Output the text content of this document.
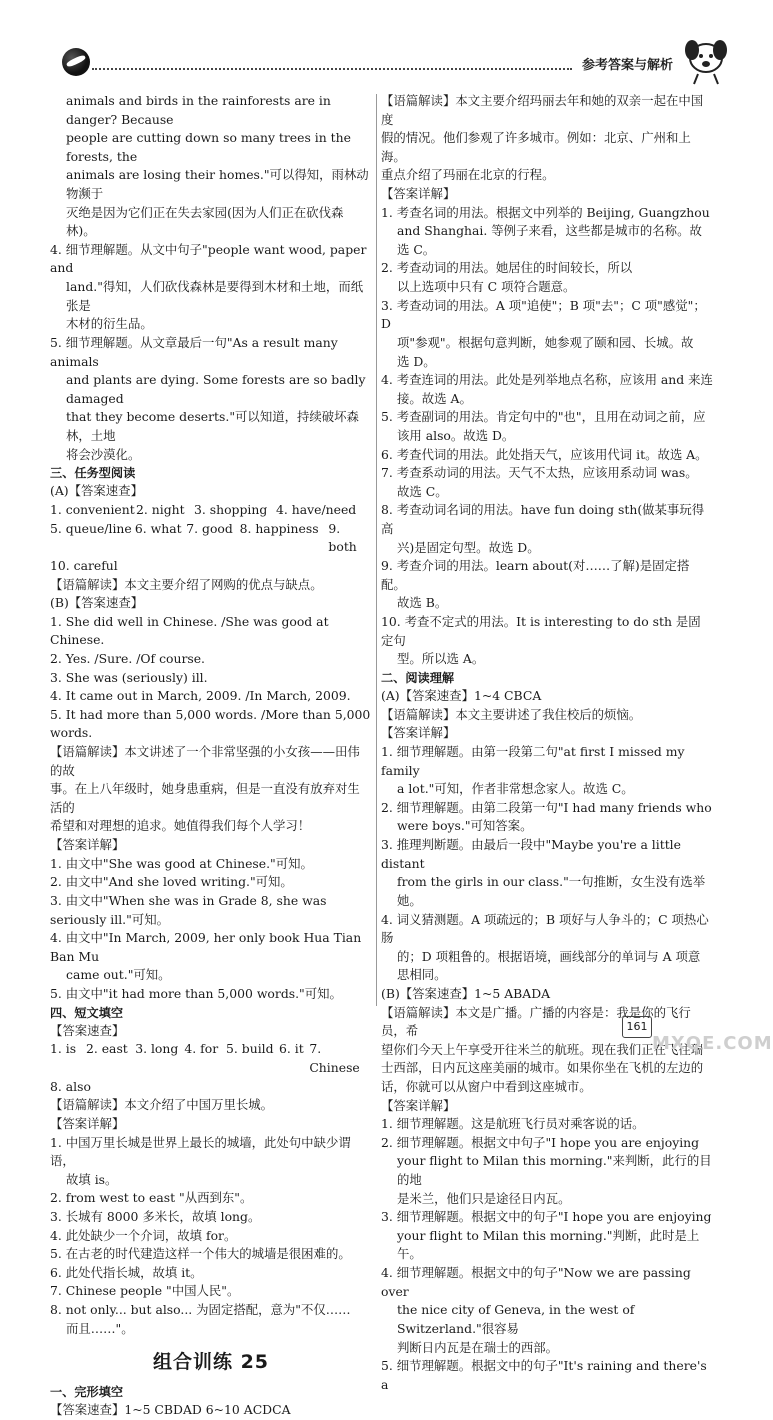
参考答案与解析

animals and birds in the rainforests are in danger? Because

people are cutting down so many trees in the forests, the

animals are losing their homes."可以得知，雨林动物濒于

灭绝是因为它们正在失去家园(因为人们正在砍伐森林)。

4. 细节理解题。从文中句子"people want wood, paper and

land."得知，人们砍伐森林是要得到木材和土地，而纸张是

木材的衍生品。

5. 细节理解题。从文章最后一句"As a result many animals

and plants are dying. Some forests are so badly damaged

that they become deserts."可以知道，持续破坏森林，土地

将会沙漠化。

三、任务型阅读

(A)【答案速查】

1. convenient 2. night 3. shopping 4. have/need
5. queue/line 6. what 7. good 8. happiness 9. both

10. careful

【语篇解读】本文主要介绍了网购的优点与缺点。

(B)【答案速查】

1. She did well in Chinese. /She was good at Chinese.

2. Yes. /Sure. /Of course.

3. She was (seriously) ill.

4. It came out in March, 2009. /In March, 2009.

5. It had more than 5,000 words. /More than 5,000 words.

【语篇解读】本文讲述了一个非常坚强的小女孩——田伟的故

事。在上八年级时，她身患重病，但是一直没有放弃对生活的

希望和对理想的追求。她值得我们每个人学习！

【答案详解】

1. 由文中"She was good at Chinese."可知。

2. 由文中"And she loved writing."可知。

3. 由文中"When she was in Grade 8, she was seriously ill."可知。

4. 由文中"In March, 2009, her only book Hua Tian Ban Mu

came out."可知。

5. 由文中"it had more than 5,000 words."可知。

四、短文填空

【答案速查】

1. is 2. east 3. long 4. for 5. build 6. it 7. Chinese

8. also

【语篇解读】本文介绍了中国万里长城。

【答案详解】

1. 中国万里长城是世界上最长的城墙，此处句中缺少谓语，

故填 is。

2. from west to east "从西到东"。

3. 长城有 8000 多米长，故填 long。

4. 此处缺少一个介词，故填 for。

5. 在古老的时代建造这样一个伟大的城墙是很困难的。

6. 此处代指长城，故填 it。

7. Chinese people "中国人民"。

8. not only... but also... 为固定搭配，意为"不仅……

而且……"。

组合训练 25

一、完形填空

【答案速查】1~5 CBDAD 6~10 ACDCA

【语篇解读】本文主要介绍玛丽去年和她的双亲一起在中国度

假的情况。他们参观了许多城市。例如：北京、广州和上海。

重点介绍了玛丽在北京的行程。

【答案详解】

1. 考查名词的用法。根据文中列举的 Beijing, Guangzhou

and Shanghai. 等例子来看，这些都是城市的名称。故选 C。

2. 考查动词的用法。她居住的时间较长，所以

以上选项中只有 C 项符合题意。

3. 考查动词的用法。A 项"追使"；B 项"去"；C 项"感觉"；D

项"参观"。根据句意判断，她参观了颐和园、长城。故

选 D。

4. 考查连词的用法。此处是列举地点名称，应该用 and 来连

接。故选 A。

5. 考查副词的用法。肯定句中的"也"，且用在动词之前，应

该用 also。故选 D。

6. 考查代词的用法。此处指天气，应该用代词 it。故选 A。

7. 考查系动词的用法。天气不太热，应该用系动词 was。

故选 C。

8. 考查动词名词的用法。have fun doing sth(做某事玩得高

兴)是固定句型。故选 D。

9. 考查介词的用法。learn about(对……了解)是固定搭配。

故选 B。

10. 考查不定式的用法。It is interesting to do sth 是固定句

型。所以选 A。

二、阅读理解

(A)【答案速查】1~4 CBCA

【语篇解读】本文主要讲述了我住校后的烦恼。

【答案详解】

1. 细节理解题。由第一段第二句"at first I missed my family

a lot."可知，作者非常想念家人。故选 C。

2. 细节理解题。由第二段第一句"I had many friends who

were boys."可知答案。

3. 推理判断题。由最后一段中"Maybe you're a little distant

from the girls in our class."一句推断，女生没有选举她。

4. 词义猜测题。A 项疏远的；B 项好与人争斗的；C 项热心肠

的；D 项粗鲁的。根据语境，画线部分的单词与 A 项意

思相同。

(B)【答案速查】1~5 ABADA

【语篇解读】本文是广播。广播的内容是：我是你的飞行员，希

望你们今天上午享受开往米兰的航班。现在我们正在飞往瑞

士西部，日内瓦这座美丽的城市。如果你坐在飞机的左边的

话，你就可以从窗户中看到这座城市。

【答案详解】

1. 细节理解题。这是航班飞行员对乘客说的话。

2. 细节理解题。根据文中句子"I hope you are enjoying

your flight to Milan this morning."来判断，此行的目的地

是米兰，他们只是途径日内瓦。

3. 细节理解题。根据文中的句子"I hope you are enjoying

your flight to Milan this morning."判断，此时是上午。

4. 细节理解题。根据文中的句子"Now we are passing over

the nice city of Geneva, in the west of Switzerland."很容易

判断日内瓦是在瑞士的西部。

5. 细节理解题。根据文中的句子"It's raining and there's a

161
MXQE.COM
